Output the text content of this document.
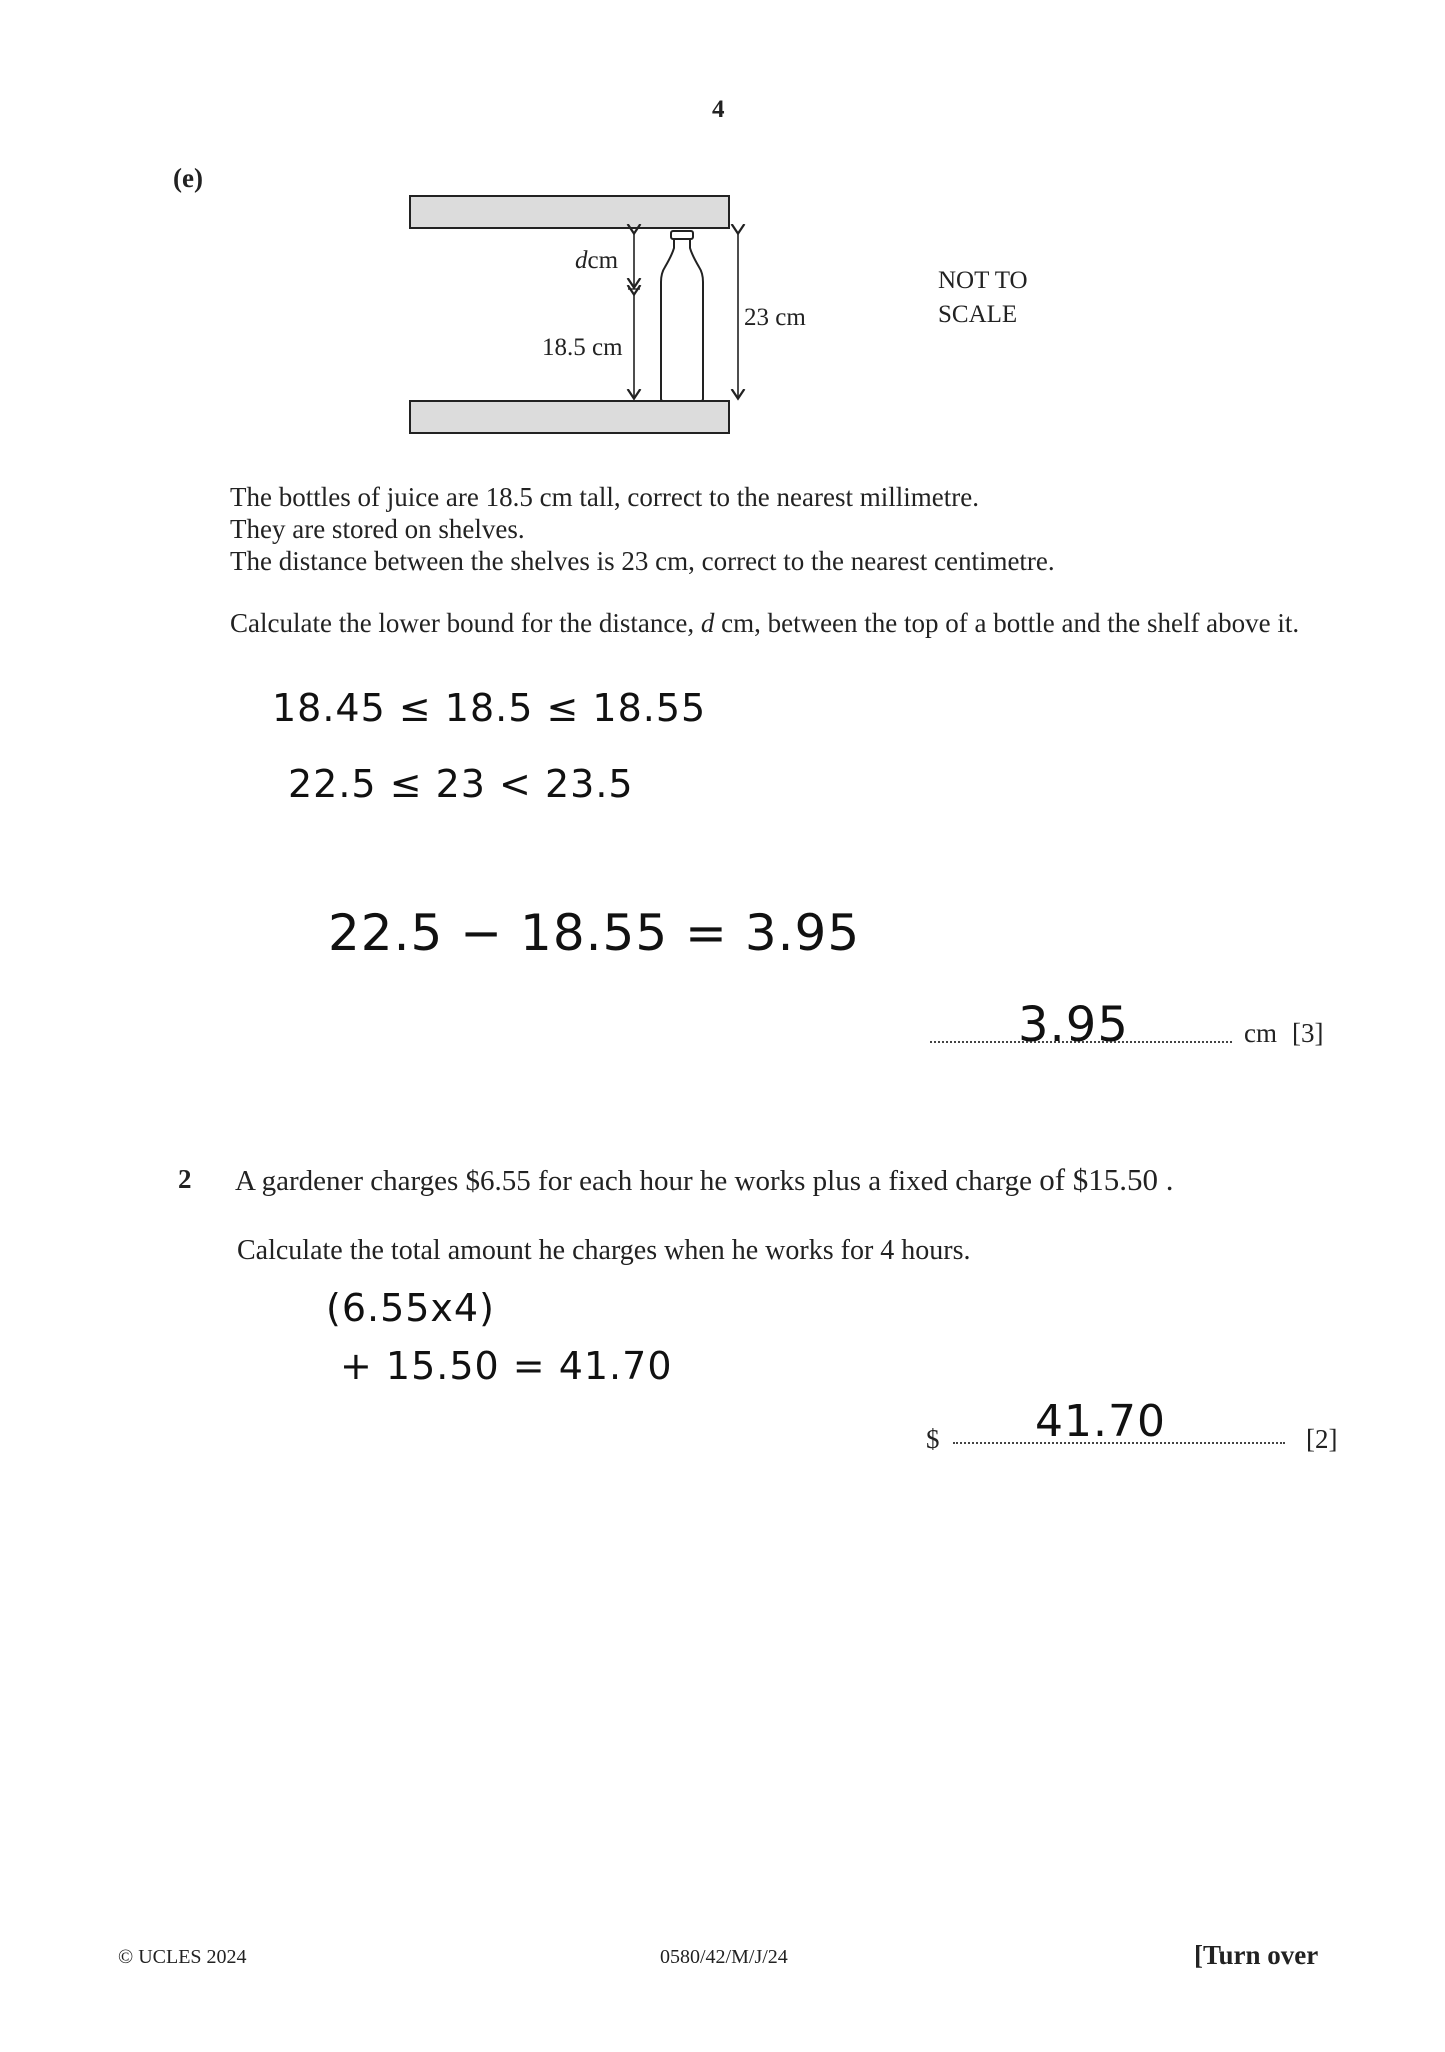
4
(e)
dcm
18.5 cm
23 cm
NOT TO
SCALE
The bottles of juice are 18.5 cm tall, correct to the nearest millimetre.
They are stored on shelves.
The distance between the shelves is 23 cm, correct to the nearest centimetre.
Calculate the lower bound for the distance, d cm, between the top of a bottle and the shelf above it.
18.45 ≤ 18.5 ≤ 18.55
22.5 ≤ 23 < 23.5
22.5 − 18.55 = 3.95
3.95	cm [3]
2 A gardener charges $6.55 for each hour he works plus a fixed charge of $15.50 .
Calculate the total amount he charges when he works for 4 hours.
(6.55x4)
+ 15.50 = 41.70
$ 41.70	[2]
© UCLES 2024	0580/42/M/J/24	[Turn over
